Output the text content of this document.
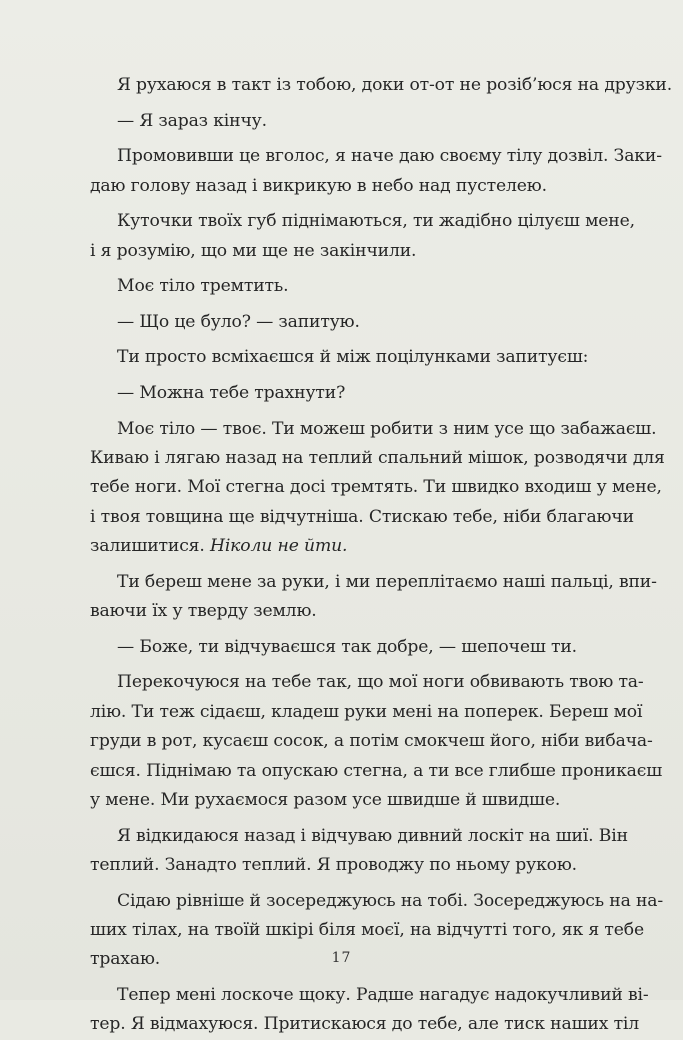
Я рухаюся в такт із тобою, доки от-от не розіб’юся на друзки.

— Я зараз кінчу.

Промовивши це вголос, я наче даю своєму тілу дозвіл. Заки-
даю голову назад і викрикую в небо над пустелею.

Куточки твоїх губ піднімаються, ти жадібно цілуєш мене,
і я розумію, що ми ще не закінчили.

Моє тіло тремтить.

— Що це було? — запитую.

Ти просто всміхаєшся й між поцілунками запитуєш:

— Можна тебе трахнути?

Моє тіло — твоє. Ти можеш робити з ним усе що забажаєш.
Киваю і лягаю назад на теплий спальний мішок, розводячи для
тебе ноги. Мої стегна досі тремтять. Ти швидко входиш у мене,
і твоя товщина ще відчутніша. Стискаю тебе, ніби благаючи
залишитися. Ніколи не йти.

Ти береш мене за руки, і ми переплітаємо наші пальці, впи-
ваючи їх у тверду землю.

— Боже, ти відчуваєшся так добре, — шепочеш ти.

Перекочуюся на тебе так, що мої ноги обвивають твою та-
лію. Ти теж сідаєш, кладеш руки мені на поперек. Береш мої
груди в рот, кусаєш сосок, а потім смокчеш його, ніби вибача-
єшся. Піднімаю та опускаю стегна, а ти все глибше проникаєш
у мене. Ми рухаємося разом усе швидше й швидше.

Я відкидаюся назад і відчуваю дивний лоскіт на шиї. Він
теплий. Занадто теплий. Я проводжу по ньому рукою.

Сідаю рівніше й зосереджуюсь на тобі. Зосереджуюсь на на-
ших тілах, на твоїй шкірі біля моєї, на відчутті того, як я тебе
трахаю.

Тепер мені лоскоче щоку. Радше нагадує надокучливий ві-
тер. Я відмахуюся. Притискаюся до тебе, але тиск наших тіл

17
